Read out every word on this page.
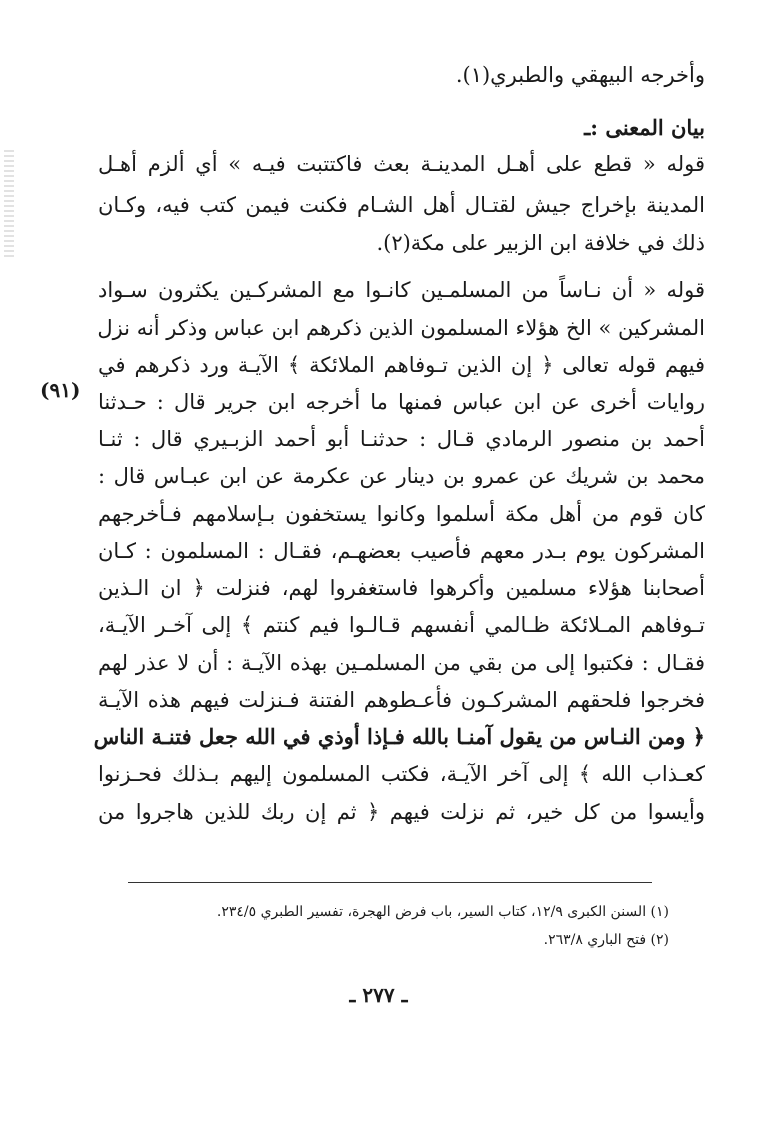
وأخرجه البيهقي والطبري(١).
بيان المعنى :ـ
قوله « قطع على أهـل المدينـة بعث فاكتتبت فيـه » أي ألزم أهـل
المدينة بإخراج جيش لقتـال أهل الشـام فكنت فيمن كتب فيه، وكـان
ذلك في خلافة ابن الزبير على مكة(٢).
قوله « أن نـاساً من المسلمـين كانـوا مع المشركـين يكثرون سـواد
المشركين » الخ هؤلاء المسلمون الذين ذكرهم ابن عباس وذكر أنه نزل
فيهم قوله تعالى ﴿ إن الذين تـوفاهم الملائكة ﴾ الآيـة ورد ذكرهم في
روايات أخرى عن ابن عباس فمنها ما أخرجه ابن جرير قال : حـدثنا
أحمد بن منصور الرمادي قـال : حدثنـا أبو أحمد الزبـيري قال : ثنـا
محمد بن شريك عن عمرو بن دينار عن عكرمة عن ابن عبـاس قال :
كان قوم من أهل مكة أسلموا وكانوا يستخفون بـإسلامهم فـأخرجهم
المشركون يوم بـدر معهم فأصيب بعضهـم، فقـال : المسلمون : كـان
أصحابنا هؤلاء مسلمين وأكرهوا فاستغفروا لهم، فنزلت ﴿ ان الـذين
تـوفاهم المـلائكة ظـالمي أنفسهم قـالـوا فيم كنتم ﴾ إلى آخـر الآيـة،
فقـال : فكتبوا إلى من بقي من المسلمـين بهذه الآيـة : أن لا عذر لهم
فخرجوا فلحقهم المشركـون فأعـطوهم الفتنة فـنزلت فيهم هذه الآيـة
﴿ ومن النـاس من يقول آمنـا بالله فـإذا أوذي في الله جعل فتنـة الناس
كعـذاب الله ﴾ إلى آخر الآيـة، فكتب المسلمون إليهم بـذلك فحـزنوا
وأيسوا من كل خير، ثم نزلت فيهم ﴿ ثم إن ربك للذين هاجروا من
(٩١)
(١) السنن الكبرى ١٢/٩، كتاب السير، باب فرض الهجرة، تفسير الطبري ٢٣٤/٥.
(٢) فتح الباري ٢٦٣/٨.
ـ ٢٧٧ ـ
